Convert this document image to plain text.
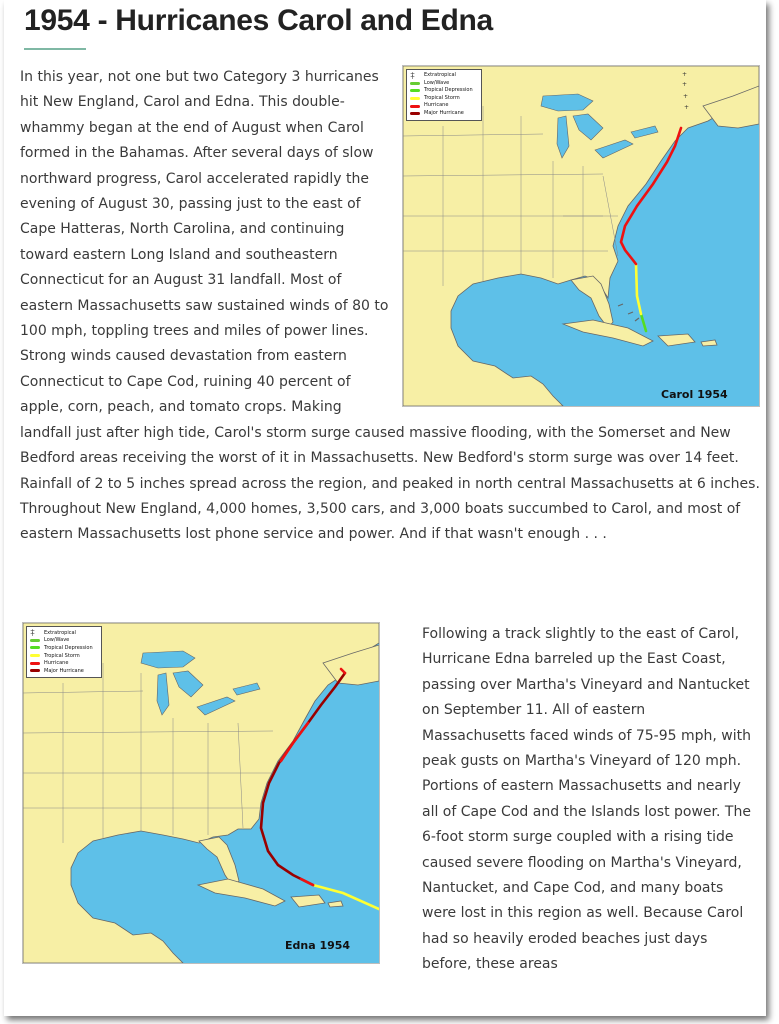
1954 - Hurricanes Carol and Edna
+
+
+
+
+ +	Extratropical
Low/Wave
Tropical Depression
Tropical Storm
Hurricane
Major Hurricane
Carol 1954
In this year, not one but two Category 3 hurricanes hit New England, Carol and Edna. This double-whammy began at the end of August when Carol formed in the Bahamas. After several days of slow northward progress, Carol accelerated rapidly the evening of August 30, passing just to the east of Cape Hatteras, North Carolina, and continuing toward eastern Long Island and southeastern Connecticut for an August 31 landfall. Most of eastern Massachusetts saw sustained winds of 80 to 100 mph, toppling trees and miles of power lines. Strong winds caused devastation from eastern Connecticut to Cape Cod, ruining 40 percent of apple, corn, peach, and tomato crops. Making landfall just after high tide, Carol's storm surge caused massive flooding, with the Somerset and New Bedford areas receiving the worst of it in Massachusetts. New Bedford's storm surge was over 14 feet. Rainfall of 2 to 5 inches spread across the region, and peaked in north central Massachusetts at 6 inches. Throughout New England, 4,000 homes, 3,500 cars, and 3,000 boats succumbed to Carol, and most of eastern Massachusetts lost phone service and power. And if that wasn't enough . . .
+ +	Extratropical
Low/Wave
Tropical Depression
Tropical Storm
Hurricane
Major Hurricane
Edna 1954
Following a track slightly to the east of Carol, Hurricane Edna barreled up the East Coast, passing over Martha's Vineyard and Nantucket on September 11. All of eastern Massachusetts faced winds of 75-95 mph, with peak gusts on Martha's Vineyard of 120 mph. Portions of eastern Massachusetts and nearly all of Cape Cod and the Islands lost power. The 6-foot storm surge coupled with a rising tide caused severe flooding on Martha's Vineyard, Nantucket, and Cape Cod, and many boats were lost in this region as well. Because Carol had so heavily eroded beaches just days before, these areas
